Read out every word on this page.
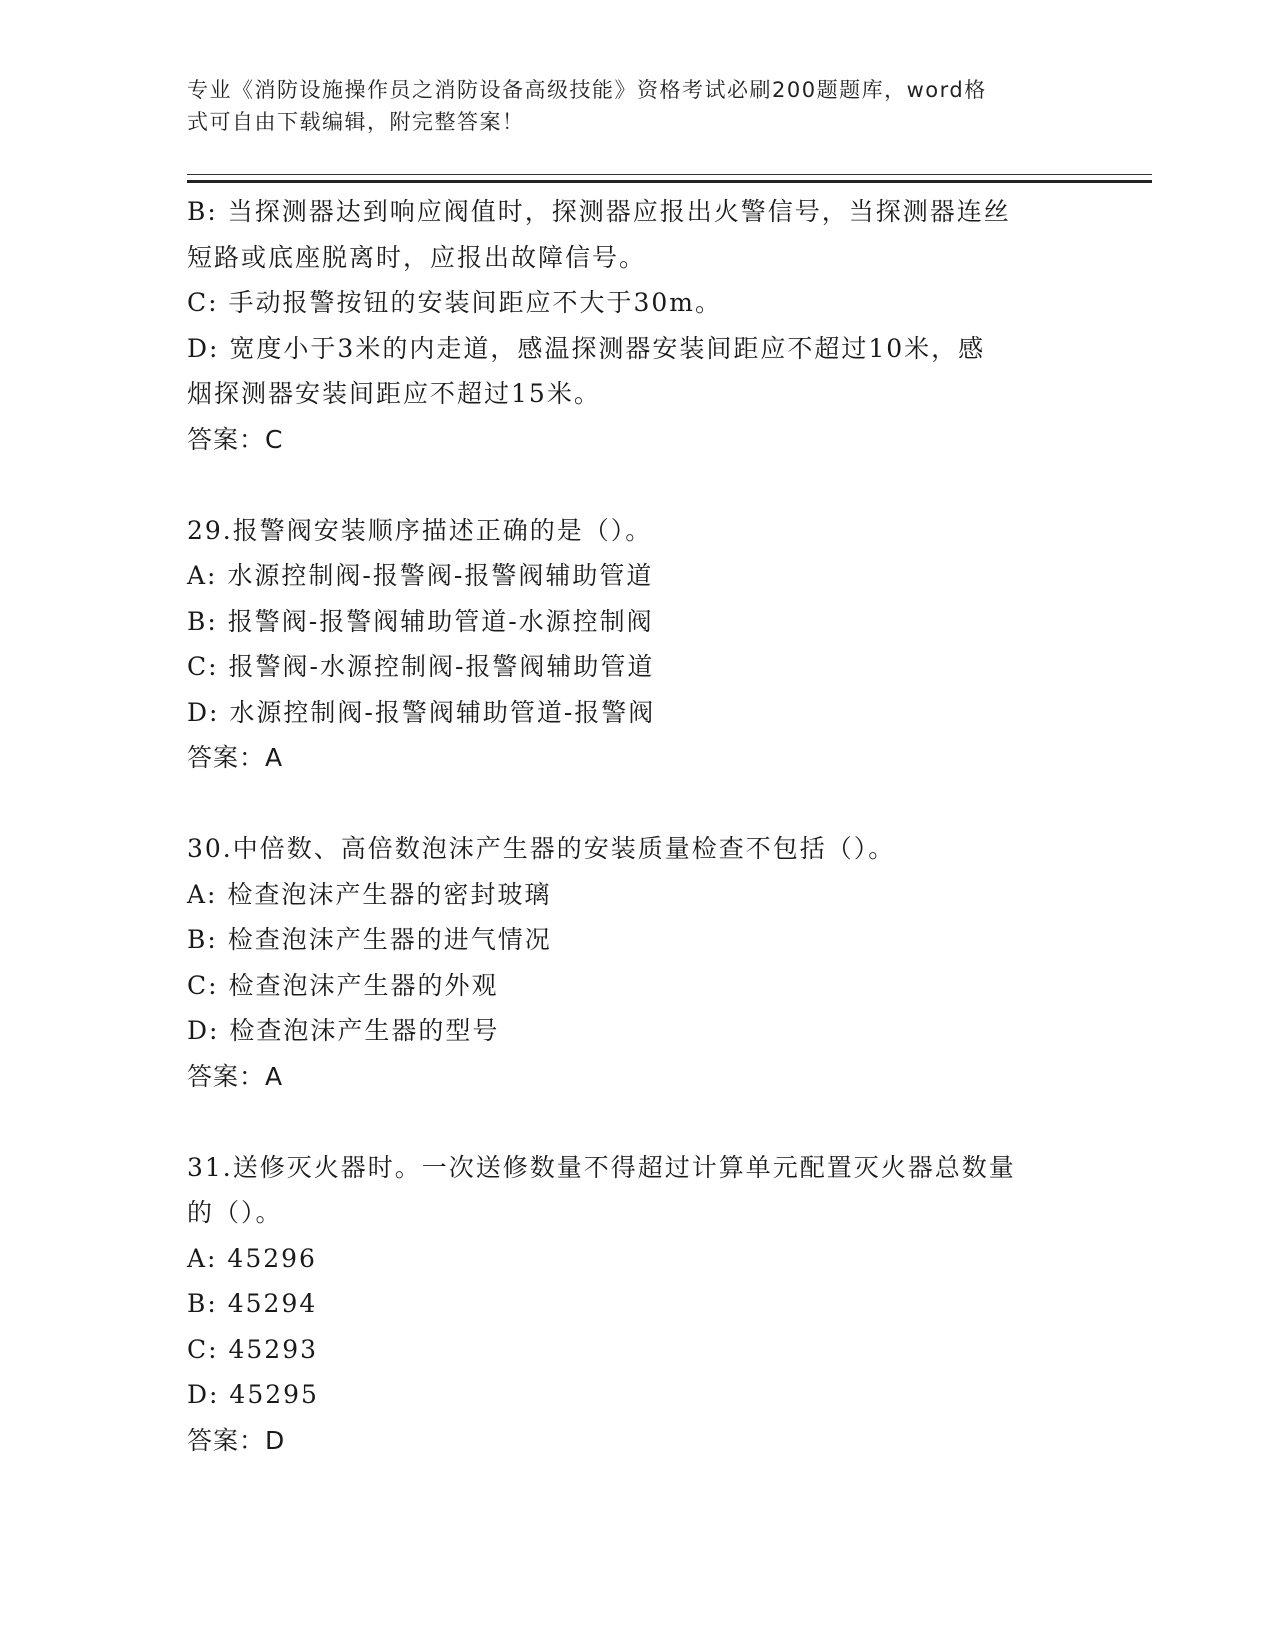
专业《消防设施操作员之消防设备高级技能》资格考试必刷200题题库，word格
式可自由下载编辑，附完整答案！
B: 当探测器达到响应阀值时，探测器应报出火警信号，当探测器连丝
短路或底座脱离时，应报出故障信号。
C: 手动报警按钮的安装间距应不大于30m。
D: 宽度小于3米的内走道，感温探测器安装间距应不超过10米，感
烟探测器安装间距应不超过15米。
答案：C
29.报警阀安装顺序描述正确的是（）。
A: 水源控制阀-报警阀-报警阀辅助管道
B: 报警阀-报警阀辅助管道-水源控制阀
C: 报警阀-水源控制阀-报警阀辅助管道
D: 水源控制阀-报警阀辅助管道-报警阀
答案：A
30.中倍数、高倍数泡沫产生器的安装质量检查不包括（）。
A: 检查泡沫产生器的密封玻璃
B: 检查泡沫产生器的进气情况
C: 检查泡沫产生器的外观
D: 检查泡沫产生器的型号
答案：A
31.送修灭火器时。一次送修数量不得超过计算单元配置灭火器总数量
的（）。
A: 45296
B: 45294
C: 45293
D: 45295
答案：D
